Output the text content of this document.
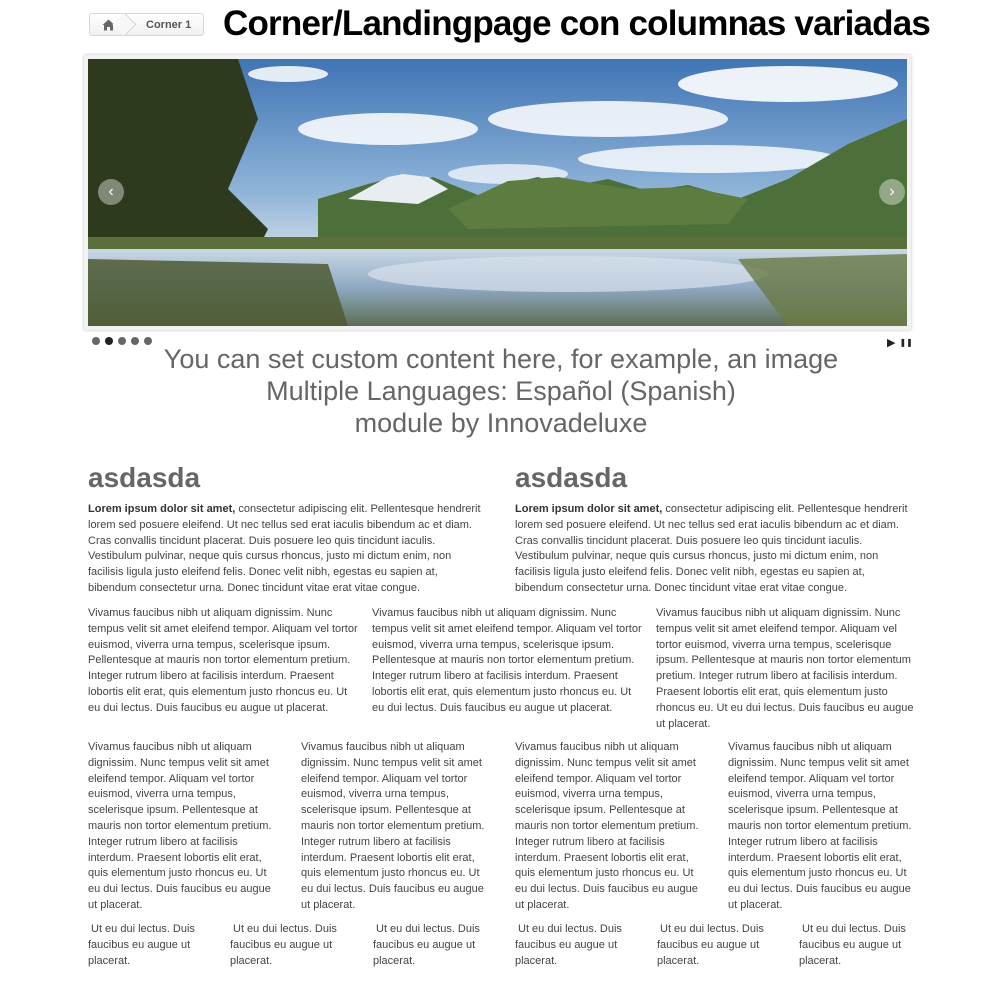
Corner 1 Corner/Landingpage con columnas variadas
‹	›
▶ ❚❚
You can set custom content here, for example, an image
Multiple Languages: Español (Spanish)
module by Innovadeluxe
asdasda	asdasda

Lorem ipsum dolor sit amet, consectetur adipiscing elit. Pellentesque hendrerit lorem sed posuere eleifend. Ut nec tellus sed erat iaculis bibendum ac et diam. Cras convallis tincidunt placerat. Duis posuere leo quis tincidunt iaculis. Vestibulum pulvinar, neque quis cursus rhoncus, justo mi dictum enim, non facilisis ligula justo eleifend felis. Donec velit nibh, egestas eu sapien at, bibendum consectetur urna. Donec tincidunt vitae erat vitae congue.

Lorem ipsum dolor sit amet, consectetur adipiscing elit. Pellentesque hendrerit lorem sed posuere eleifend. Ut nec tellus sed erat iaculis bibendum ac et diam. Cras convallis tincidunt placerat. Duis posuere leo quis tincidunt iaculis. Vestibulum pulvinar, neque quis cursus rhoncus, justo mi dictum enim, non facilisis ligula justo eleifend felis. Donec velit nibh, egestas eu sapien at, bibendum consectetur urna. Donec tincidunt vitae erat vitae congue.

Vivamus faucibus nibh ut aliquam dignissim. Nunc tempus velit sit amet eleifend tempor. Aliquam vel tortor euismod, viverra urna tempus, scelerisque ipsum. Pellentesque at mauris non tortor elementum pretium. Integer rutrum libero at facilisis interdum. Praesent lobortis elit erat, quis elementum justo rhoncus eu. Ut eu dui lectus. Duis faucibus eu augue ut placerat.

Vivamus faucibus nibh ut aliquam dignissim. Nunc tempus velit sit amet eleifend tempor. Aliquam vel tortor euismod, viverra urna tempus, scelerisque ipsum. Pellentesque at mauris non tortor elementum pretium. Integer rutrum libero at facilisis interdum. Praesent lobortis elit erat, quis elementum justo rhoncus eu. Ut eu dui lectus. Duis faucibus eu augue ut placerat.

Vivamus faucibus nibh ut aliquam dignissim. Nunc tempus velit sit amet eleifend tempor. Aliquam vel tortor euismod, viverra urna tempus, scelerisque ipsum. Pellentesque at mauris non tortor elementum pretium. Integer rutrum libero at facilisis interdum. Praesent lobortis elit erat, quis elementum justo rhoncus eu. Ut eu dui lectus. Duis faucibus eu augue ut placerat.

Vivamus faucibus nibh ut aliquam dignissim. Nunc tempus velit sit amet eleifend tempor. Aliquam vel tortor euismod, viverra urna tempus, scelerisque ipsum. Pellentesque at mauris non tortor elementum pretium. Integer rutrum libero at facilisis interdum. Praesent lobortis elit erat, quis elementum justo rhoncus eu. Ut eu dui lectus. Duis faucibus eu augue ut placerat.

Vivamus faucibus nibh ut aliquam dignissim. Nunc tempus velit sit amet eleifend tempor. Aliquam vel tortor euismod, viverra urna tempus, scelerisque ipsum. Pellentesque at mauris non tortor elementum pretium. Integer rutrum libero at facilisis interdum. Praesent lobortis elit erat, quis elementum justo rhoncus eu. Ut eu dui lectus. Duis faucibus eu augue ut placerat.

Vivamus faucibus nibh ut aliquam dignissim. Nunc tempus velit sit amet eleifend tempor. Aliquam vel tortor euismod, viverra urna tempus, scelerisque ipsum. Pellentesque at mauris non tortor elementum pretium. Integer rutrum libero at facilisis interdum. Praesent lobortis elit erat, quis elementum justo rhoncus eu. Ut eu dui lectus. Duis faucibus eu augue ut placerat.

Vivamus faucibus nibh ut aliquam dignissim. Nunc tempus velit sit amet eleifend tempor. Aliquam vel tortor euismod, viverra urna tempus, scelerisque ipsum. Pellentesque at mauris non tortor elementum pretium. Integer rutrum libero at facilisis interdum. Praesent lobortis elit erat, quis elementum justo rhoncus eu. Ut eu dui lectus. Duis faucibus eu augue ut placerat.

Ut eu dui lectus. Duis faucibus eu augue ut placerat.

Ut eu dui lectus. Duis faucibus eu augue ut placerat.

Ut eu dui lectus. Duis faucibus eu augue ut placerat.

Ut eu dui lectus. Duis faucibus eu augue ut placerat.

Ut eu dui lectus. Duis faucibus eu augue ut placerat.

Ut eu dui lectus. Duis faucibus eu augue ut placerat.
